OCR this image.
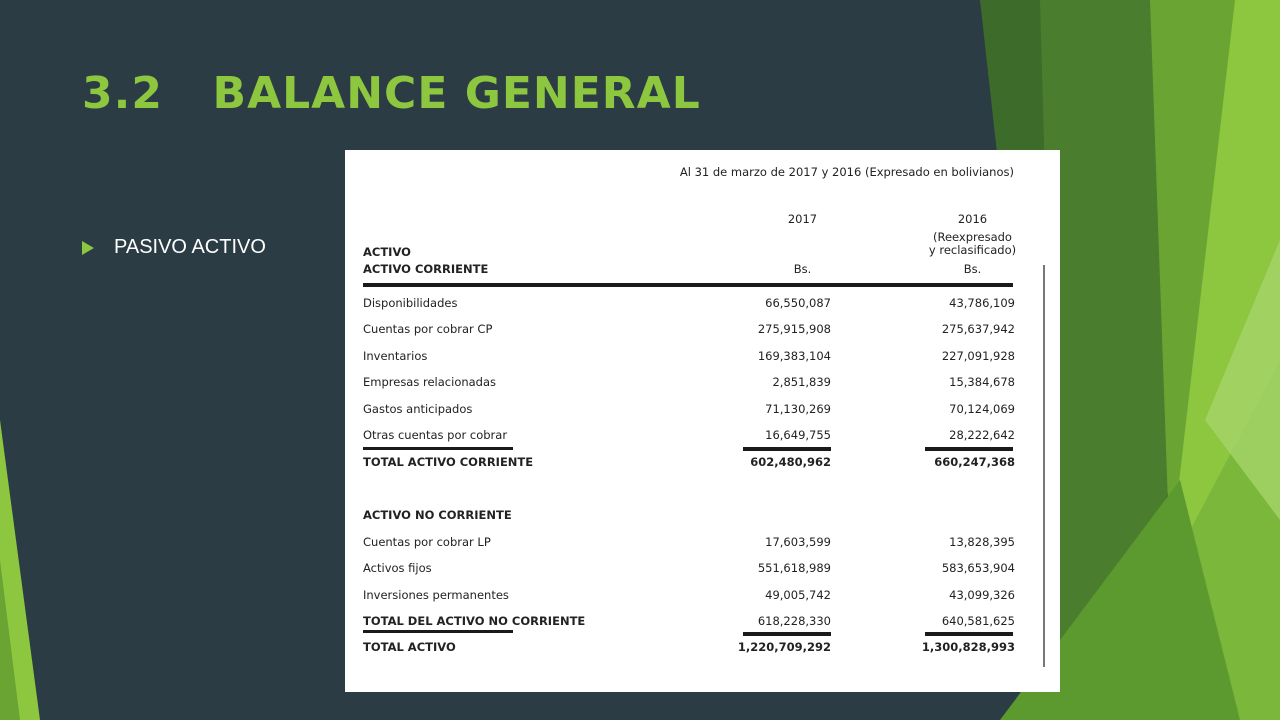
3.2	BALANCE GENERAL
PASIVO ACTIVO
Al 31 de marzo de 2017 y 2016 (Expresado en bolivianos)
2017	2016
(Reexpresado
y reclasificado)
ACTIVO
ACTIVO CORRIENTE	Bs.	Bs.
Disponibilidades	66,550,087	43,786,109
Cuentas por cobrar CP	275,915,908	275,637,942
Inventarios	169,383,104	227,091,928
Empresas relacionadas	2,851,839	15,384,678
Gastos anticipados	71,130,269	70,124,069
Otras cuentas por cobrar	16,649,755	28,222,642
TOTAL ACTIVO CORRIENTE	602,480,962	660,247,368
ACTIVO NO CORRIENTE
Cuentas por cobrar LP	17,603,599	13,828,395
Activos fijos	551,618,989	583,653,904
Inversiones permanentes	49,005,742	43,099,326
TOTAL DEL ACTIVO NO CORRIENTE	618,228,330	640,581,625
TOTAL ACTIVO	1,220,709,292	1,300,828,993
